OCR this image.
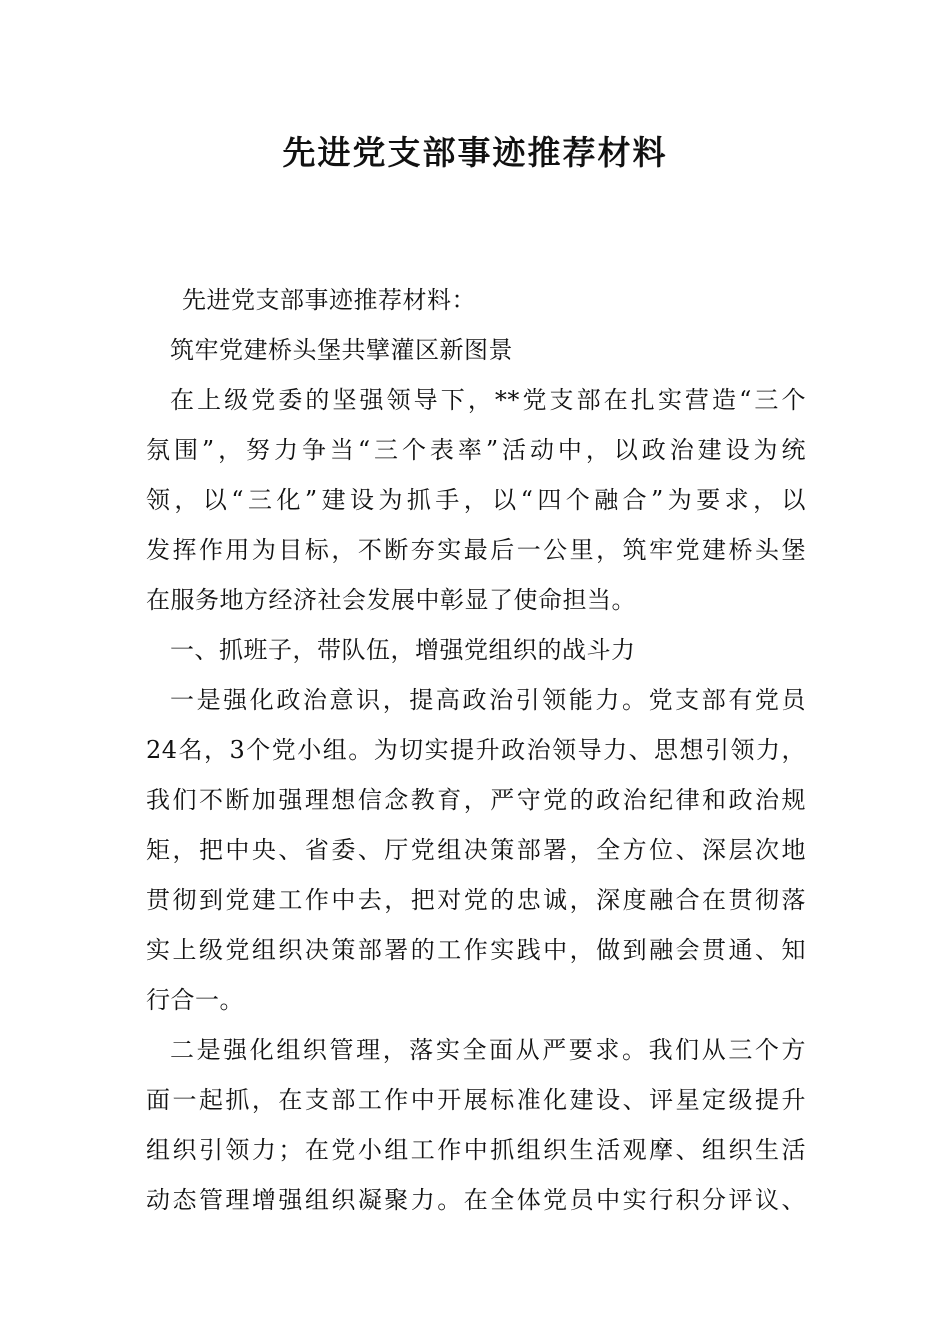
先进党支部事迹推荐材料
先进党支部事迹推荐材料：
筑牢党建桥头堡共擘灌区新图景
在上级党委的坚强领导下，**党支部在扎实营造“三个
氛围”，努力争当“三个表率”活动中，以政治建设为统
领，以“三化”建设为抓手，以“四个融合”为要求，以
发挥作用为目标，不断夯实最后一公里，筑牢党建桥头堡
在服务地方经济社会发展中彰显了使命担当。
一、抓班子，带队伍，增强党组织的战斗力
一是强化政治意识，提高政治引领能力。党支部有党员
24名，3个党小组。为切实提升政治领导力、思想引领力，
我们不断加强理想信念教育，严守党的政治纪律和政治规
矩，把中央、省委、厅党组决策部署，全方位、深层次地
贯彻到党建工作中去，把对党的忠诚，深度融合在贯彻落
实上级党组织决策部署的工作实践中，做到融会贯通、知
行合一。
二是强化组织管理，落实全面从严要求。我们从三个方
面一起抓，在支部工作中开展标准化建设、评星定级提升
组织引领力；在党小组工作中抓组织生活观摩、组织生活
动态管理增强组织凝聚力。在全体党员中实行积分评议、
